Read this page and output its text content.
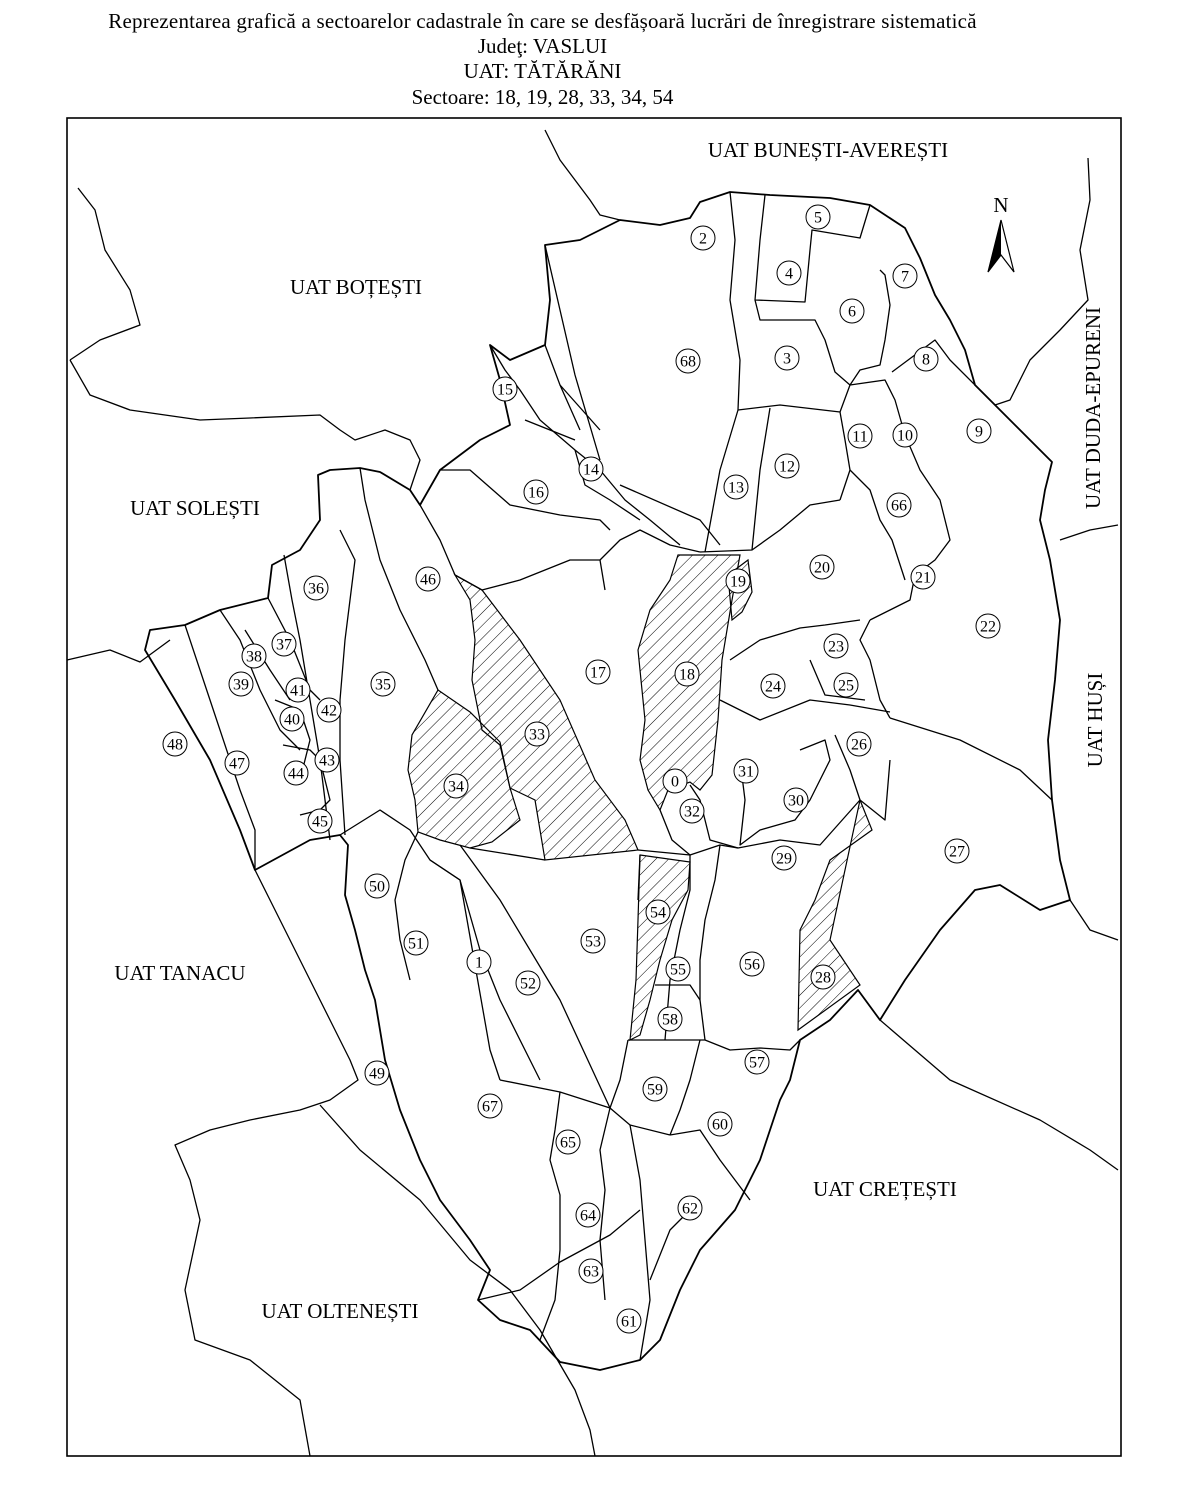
Reprezentarea grafică a sectoarelor cadastrale în care se desfășoară lucrări de înregistrare sistematică
Judeţ: VASLUI
UAT: TĂTĂRĂNI
Sectoare: 18, 19, 28, 33, 34, 54
N
UAT BUNEȘTI-AVEREȘTI
UAT BOȚEȘTI
UAT SOLEȘTI
UAT TANACU
UAT CREȚEȘTI
UAT OLTENEȘTI
UAT DUDA-EPURENI
UAT HUȘI
0
1
2
3
4
5
6
7
8
9
10
11
12
13
14
15
16
17	18
19
20
21
22
23
24	25
26
27
28
29
30
31
32
33
34
35
36
37
38
39
40
41
42
43
44
45
46
47
48
49
50
51
52
53
54
55	56
57
58
59
60
61
62
63
64
65
66
67
68
